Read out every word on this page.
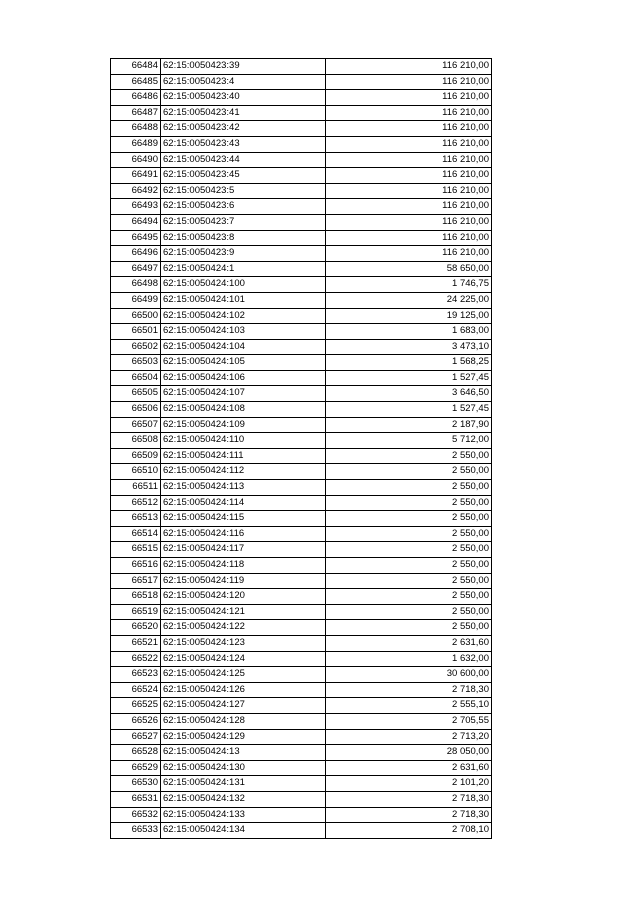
66484	62:15:0050423:39	116 210,00
66485	62:15:0050423:4	116 210,00
66486	62:15:0050423:40	116 210,00
66487	62:15:0050423:41	116 210,00
66488	62:15:0050423:42	116 210,00
66489	62:15:0050423:43	116 210,00
66490	62:15:0050423:44	116 210,00
66491	62:15:0050423:45	116 210,00
66492	62:15:0050423:5	116 210,00
66493	62:15:0050423:6	116 210,00
66494	62:15:0050423:7	116 210,00
66495	62:15:0050423:8	116 210,00
66496	62:15:0050423:9	116 210,00
66497	62:15:0050424:1	58 650,00
66498	62:15:0050424:100	1 746,75
66499	62:15:0050424:101	24 225,00
66500	62:15:0050424:102	19 125,00
66501	62:15:0050424:103	1 683,00
66502	62:15:0050424:104	3 473,10
66503	62:15:0050424:105	1 568,25
66504	62:15:0050424:106	1 527,45
66505	62:15:0050424:107	3 646,50
66506	62:15:0050424:108	1 527,45
66507	62:15:0050424:109	2 187,90
66508	62:15:0050424:110	5 712,00
66509	62:15:0050424:111	2 550,00
66510	62:15:0050424:112	2 550,00
66511	62:15:0050424:113	2 550,00
66512	62:15:0050424:114	2 550,00
66513	62:15:0050424:115	2 550,00
66514	62:15:0050424:116	2 550,00
66515	62:15:0050424:117	2 550,00
66516	62:15:0050424:118	2 550,00
66517	62:15:0050424:119	2 550,00
66518	62:15:0050424:120	2 550,00
66519	62:15:0050424:121	2 550,00
66520	62:15:0050424:122	2 550,00
66521	62:15:0050424:123	2 631,60
66522	62:15:0050424:124	1 632,00
66523	62:15:0050424:125	30 600,00
66524	62:15:0050424:126	2 718,30
66525	62:15:0050424:127	2 555,10
66526	62:15:0050424:128	2 705,55
66527	62:15:0050424:129	2 713,20
66528	62:15:0050424:13	28 050,00
66529	62:15:0050424:130	2 631,60
66530	62:15:0050424:131	2 101,20
66531	62:15:0050424:132	2 718,30
66532	62:15:0050424:133	2 718,30
66533	62:15:0050424:134	2 708,10
